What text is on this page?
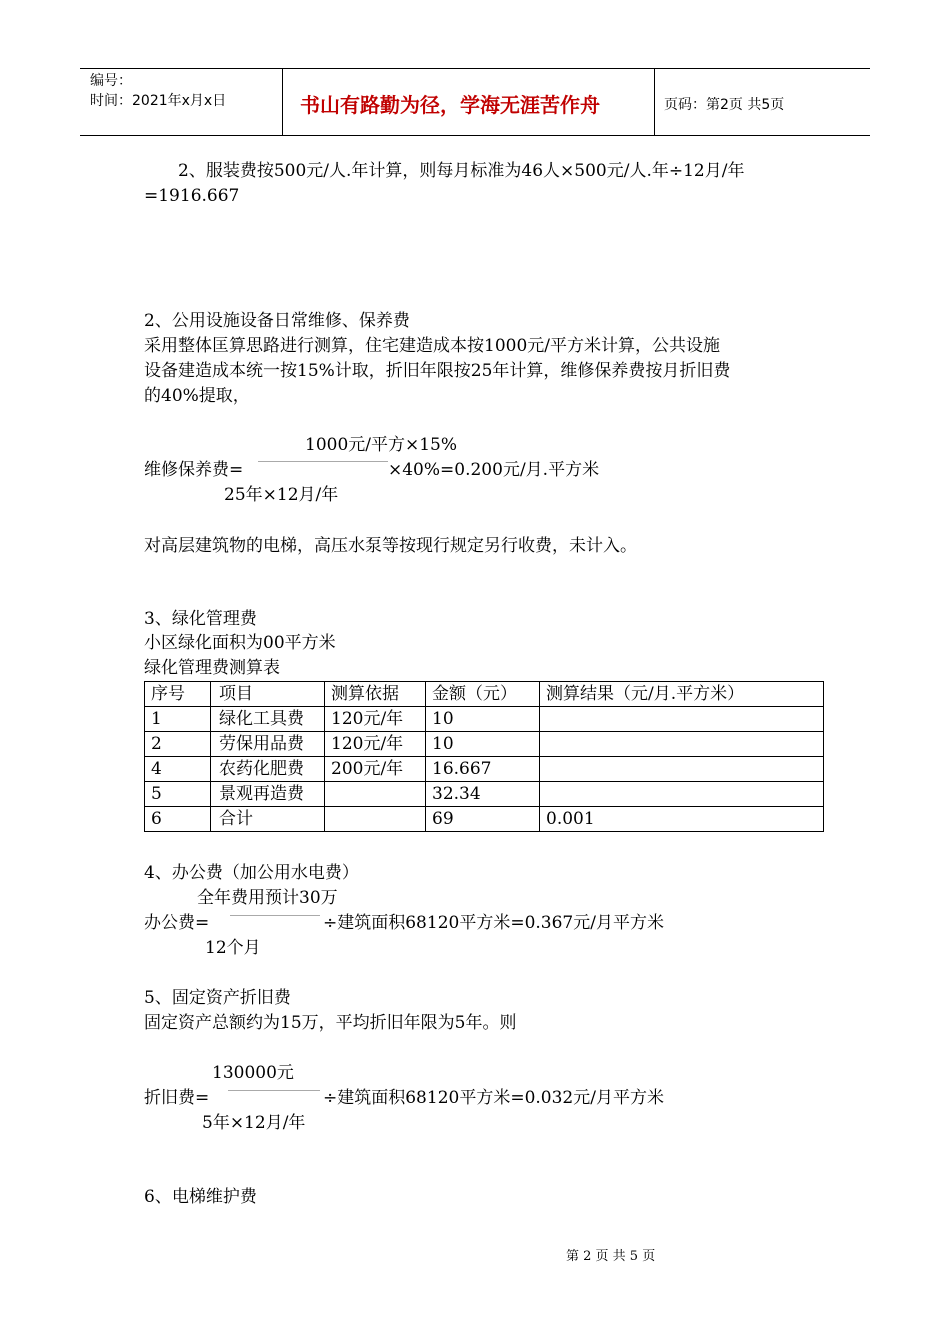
编号：
时间：2021年x月x日	书山有路勤为径，学海无涯苦作舟	页码：第2页 共5页
2、服装费按500元/人.年计算，则每月标准为46人×500元/人.年÷12月/年
=1916.667
2、公用设施设备日常维修、保养费
采用整体匡算思路进行测算，住宅建造成本按1000元/平方米计算，公共设施
设备建造成本统一按15%计取，折旧年限按25年计算，维修保养费按月折旧费
的40%提取，
1000元/平方×15%
维修保养费=	×40%=0.200元/月.平方米
25年×12月/年
对高层建筑物的电梯，高压水泵等按现行规定另行收费，未计入。
3、绿化管理费
小区绿化面积为00平方米
绿化管理费测算表
序号	项目	测算依据	金额（元）	测算结果（元/月.平方米）
1	绿化工具费	120元/年	10	
2	劳保用品费	120元/年	10	
4	农药化肥费	200元/年	16.667	
5	景观再造费		32.34	
6	合计		69	0.001
4、办公费（加公用水电费）
全年费用预计30万
办公费=	÷建筑面积68120平方米=0.367元/月平方米
12个月
5、固定资产折旧费
固定资产总额约为15万，平均折旧年限为5年。则
130000元
折旧费=	÷建筑面积68120平方米=0.032元/月平方米
5年×12月/年
6、电梯维护费
第 2 页 共 5 页
